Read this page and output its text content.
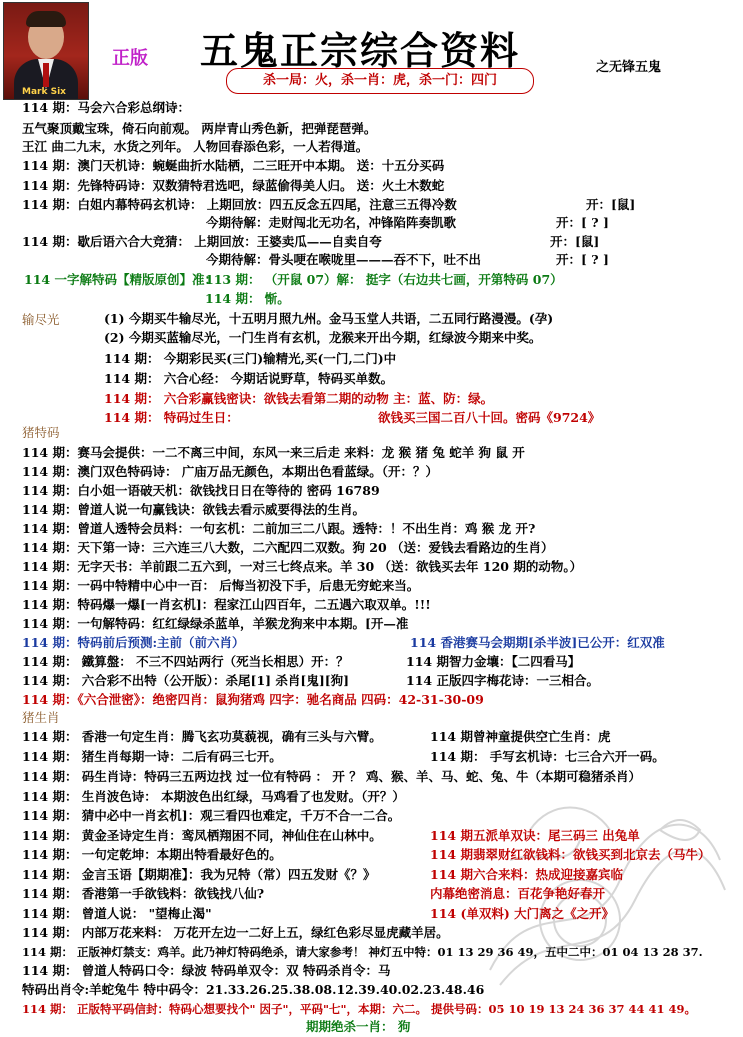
Mark Six
正版 五鬼正宗综合资料	之无锋五鬼
杀一局：火，杀一肖：虎，杀一门：四门
114 期：马会六合彩总纲诗：
五气聚顶戴宝珠，倚石向前观。 两岸青山秀色新，把弹琵琶弹。
王江 曲二九末，水货之列年。 人物回春添色彩，一人若得道。
114 期：澳门天机诗：蜿蜒曲折水陆栖，二三旺开中本期。 送：十五分买码
114 期：先锋特码诗：双数猜特君选吧，绿蓝偷得美人归。 送：火土木数蛇
114 期：白姐内幕特码玄机诗： 上期回放：四五反念五四尾，注意三五得冷数	开：[鼠]
今期待解：走财闯北无功名，冲锋陷阵奏凯歌	开：[ ? ]
114 期：歇后语六合大竞猜： 上期回放：王婆卖瓜——自卖自夸	开：[鼠]
今期待解：骨头哽在喉咙里———吞不下，吐不出	开：[ ? ]
114 一字解特码【精版原创】准：
113 期： （开鼠 07）解： 挺字（右边共七画，开第特码 07）
114 期： 惭。
输尽光	(1) 今期买牛输尽光，十五明月照九州。金马玉堂人共语，二五同行路漫漫。(孕)
(2) 今期买蓝输尽光，一门生肖有玄机，龙猴来开出今期，红绿波今期来中奖。
114 期： 今期彩民买(三门)输精光,买(一门,二门)中
114 期： 六合心经： 今期话说野草，特码买单数。
114 期： 六合彩赢钱密诀：欲钱去看第二期的动物 主：蓝、防：绿。
114 期： 特码过生日：	欲钱买三国二百八十回。密码《9724》
猪特码
114 期：赛马会提供：一二不离三中间，东风一来三后走 来料：龙 猴 猪 兔 蛇羊 狗 鼠 开
114 期：澳门双色特码诗： 广庙万品无颜色，本期出色看蓝绿。（开：？）
114 期：白小姐一语破天机：欲钱找日日在等待的 密码 16789
114 期：曾道人说一句赢钱诀：欲钱去看示威要得法的生肖。
114 期：曾道人透特会员料：一句玄机：二前加三二八跟。透特：！不出生肖：鸡 猴 龙 开?
114 期：天下第一诗：三六连三八大数，二六配四二双数。狗 20 （送：爱钱去看路边的生肖）
114 期：无字天书：羊前跟二五六到，一对三七终点来。羊 30 （送：欲钱买去年 120 期的动物。）
114 期：一码中特精中心中一百： 后悔当初没下手，后患无穷蛇来当。
114 期：特码爆一爆[一肖玄机]：程家江山四百年，二五遇六取双单。!!!
114 期：一句解特码：红红绿绿杀蓝单，羊猴龙狗来中本期。[开—准
114 期：特码前后预测:主前（前六肖）	114 香港赛马会期期[杀半波]已公开：红双准
114 期： 鐵算盤： 不三不四站两行（死当长相思）开：？	114 期智力金壤：【二四看马】
114 期： 六合彩不出特（公开版）：杀尾[1] 杀肖[鬼][狗]	114 正版四字梅花诗：一三相合。
114 期：《六合泄密》：绝密四肖：鼠狗猪鸡 四字：驰名商品 四码：42-31-30-09
猪生肖
114 期： 香港一句定生肖：腾飞玄功莫藐视，确有三头与六臂。	114 期曾神童提供空亡生肖：虎
114 期： 猪生肖每期一诗：二后有码三七开。	114 期： 手写玄机诗：七三合六开一码。
114 期： 码生肖诗：特码三五两边找 过一位有特码 ： 开 ？ 鸡、猴、羊、马、蛇、兔、牛（本期可稳猪杀肖）
114 期： 生肖波色诗： 本期波色出红绿，马鸡看了也发财。（开？）
114 期： 猜中必中一肖玄机]：观三看四也难定，千万不合一二合。
114 期： 黄金圣诗定生肖：鸾凤栖翔困不同，神仙住在山林中。	114 期五派单双诀：尾三码三 出兔单
114 期： 一句定乾坤：本期出特看最好色的。	114 期翡翠财红欲钱料：欲钱买到北京去（马牛）
114 期： 金言玉语【期期准】：我为兄特（常）四五发财《？》	114 期六合来料：热成迎接嘉宾临
114 期： 香港第一手欲钱料：欲钱找八仙?	内幕绝密消息：百花争艳好春开
114 期： 曾道人说： "望梅止渴"	114 (单双料) 大门离之《之开》
114 期： 内部万花来料： 万花开左边一二好上五，绿红色彩尽显虎藏羊居。
114 期： 正版神灯禁支：鸡羊。此乃神灯特码绝杀，请大家参考！ 神灯五中特：01 13 29 36 49，五中二中：01 04 13 28 37.
114 期： 曾道人特码口令：绿波 特码单双令：双 特码杀肖令：马
特码出肖令:羊蛇兔牛 特中码令：21.33.26.25.38.08.12.39.40.02.23.48.46
114 期： 正版特平码信封：特码心想要找个" 因子"，平码"七"，本期：六二。 提供号码：05 10 19 13 24 36 37 44 41 49。
期期绝杀一肖： 狗
